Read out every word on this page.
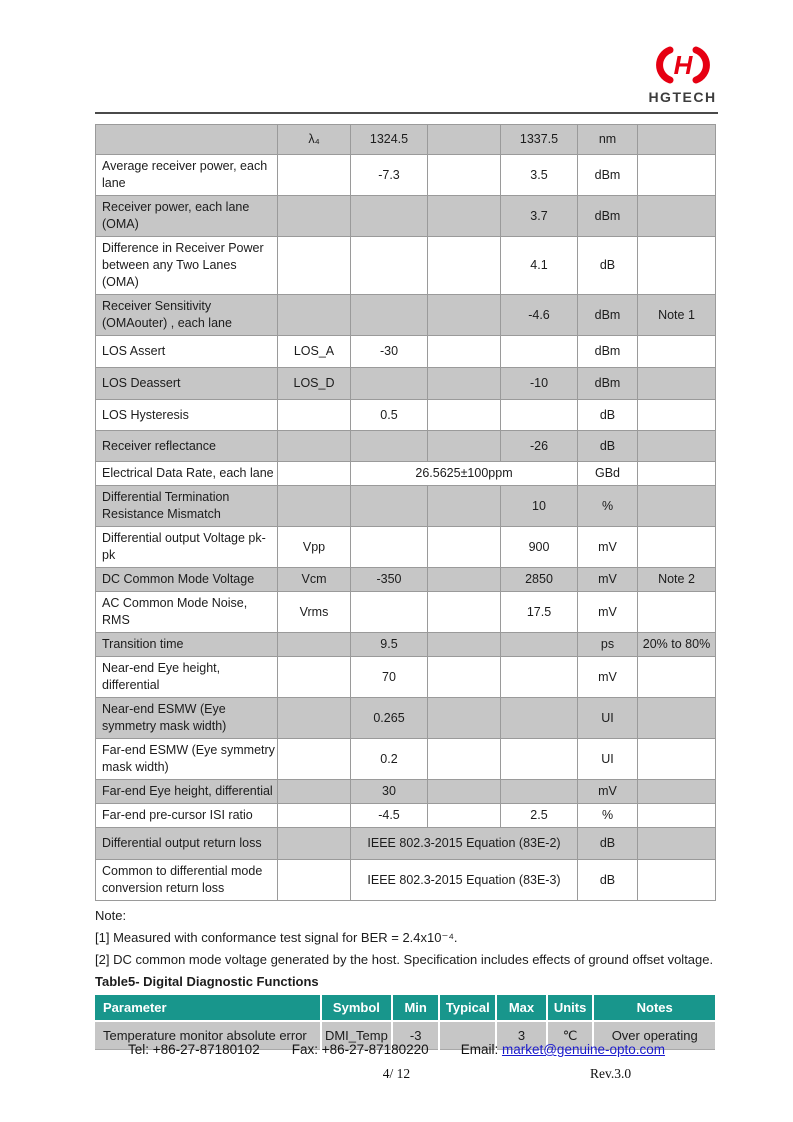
H
HGTECH
	λ₄	1324.5		1337.5	nm	
Average receiver power, each lane		-7.3		3.5	dBm	
Receiver power, each lane (OMA)				3.7	dBm	
Difference in Receiver Power between any Two Lanes (OMA)				4.1	dB	
Receiver Sensitivity (OMAouter) , each lane				-4.6	dBm	Note 1
LOS Assert	LOS_A	-30			dBm	
LOS Deassert	LOS_D			-10	dBm	
LOS Hysteresis		0.5			dB	
Receiver reflectance				-26	dB	
Electrical Data Rate, each lane		26.5625±100ppm			GBd	
Differential Termination Resistance Mismatch				10	%	
Differential output Voltage pk-pk	Vpp			900	mV	
DC Common Mode Voltage	Vcm	-350		2850	mV	Note 2
AC Common Mode Noise, RMS	Vrms			17.5	mV	
Transition time		9.5			ps	20% to 80%
Near-end Eye height, differential		70			mV	
Near-end ESMW (Eye symmetry mask width)		0.265			UI	
Far-end ESMW (Eye symmetry mask width)		0.2			UI	
Far-end Eye height, differential		30			mV	
Far-end pre-cursor ISI ratio		-4.5		2.5	%	
Differential output return loss		IEEE 802.3-2015 Equation (83E-2)			dB	
Common to differential mode conversion return loss		IEEE 802.3-2015 Equation (83E-3)			dB	
Note:
[1] Measured with conformance test signal for BER = 2.4x10⁻⁴.
[2] DC common mode voltage generated by the host. Specification includes effects of ground offset voltage.
Table5- Digital Diagnostic Functions
Parameter	Symbol	Min	Typical	Max	Units	Notes
Temperature monitor absolute error	DMI_Temp	-3		3	℃	Over operating
Tel: +86-27-87180102 Fax: +86-27-87180220 Email: market@genuine-opto.com
4/ 12	Rev.3.0
